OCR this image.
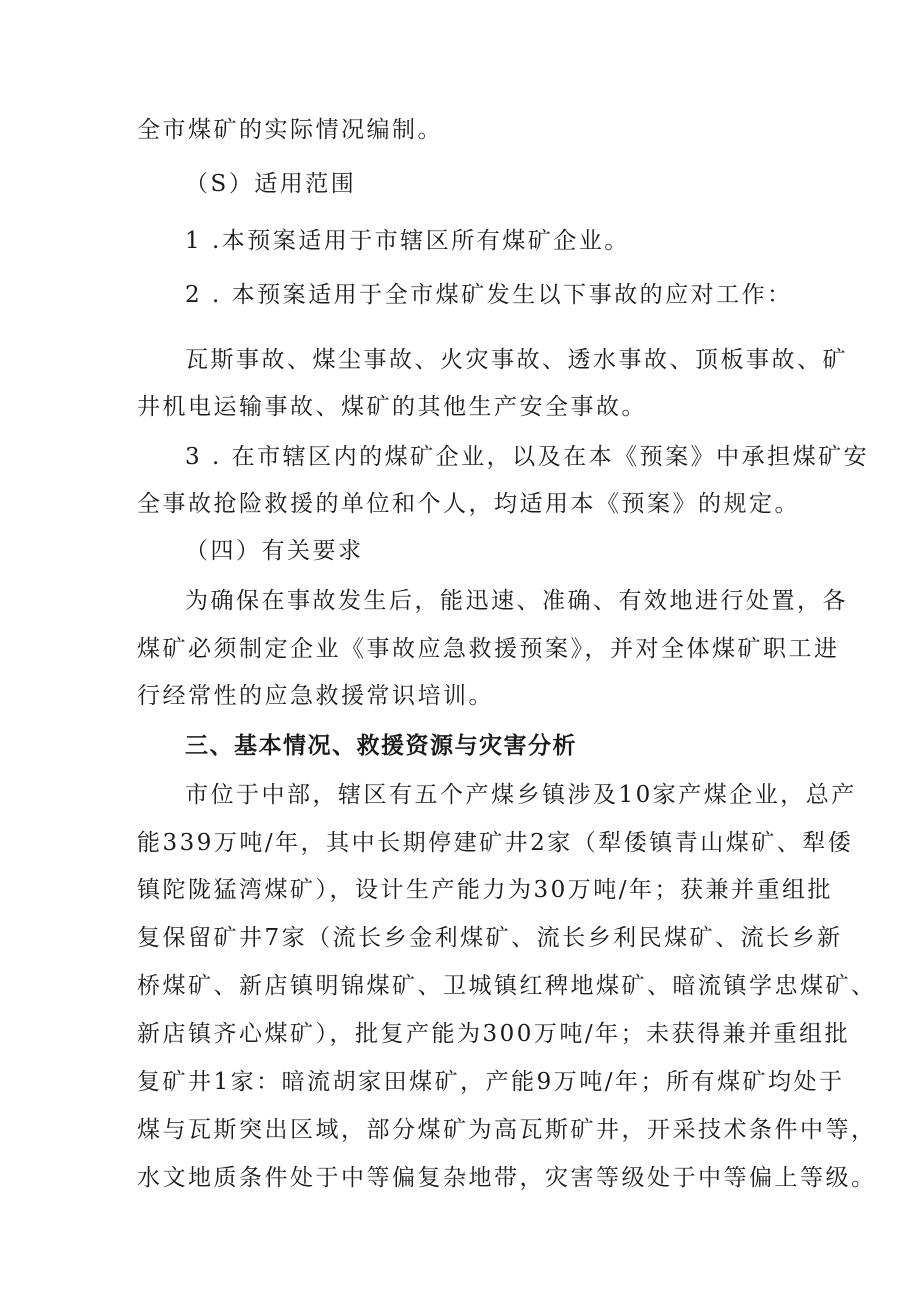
全市煤矿的实际情况编制。
（S）适用范围
1 .本预案适用于市辖区所有煤矿企业。
2 . 本预案适用于全市煤矿发生以下事故的应对工作：
瓦斯事故、煤尘事故、火灾事故、透水事故、顶板事故、矿
井机电运输事故、煤矿的其他生产安全事故。
3 . 在市辖区内的煤矿企业，以及在本《预案》中承担煤矿安
全事故抢险救援的单位和个人，均适用本《预案》的规定。
（四）有关要求
为确保在事故发生后，能迅速、准确、有效地进行处置，各
煤矿必须制定企业《事故应急救援预案》，并对全体煤矿职工进
行经常性的应急救援常识培训。
三、基本情况、救援资源与灾害分析
市位于中部，辖区有五个产煤乡镇涉及10家产煤企业，总产
能339万吨/年，其中长期停建矿井2家（犁倭镇青山煤矿、犁倭
镇陀陇猛湾煤矿），设计生产能力为30万吨/年；获兼并重组批
复保留矿井7家（流长乡金利煤矿、流长乡利民煤矿、流长乡新
桥煤矿、新店镇明锦煤矿、卫城镇红稗地煤矿、暗流镇学忠煤矿、
新店镇齐心煤矿），批复产能为300万吨/年；未获得兼并重组批
复矿井1家：暗流胡家田煤矿，产能9万吨/年；所有煤矿均处于
煤与瓦斯突出区域，部分煤矿为高瓦斯矿井，开采技术条件中等，
水文地质条件处于中等偏复杂地带，灾害等级处于中等偏上等级。
